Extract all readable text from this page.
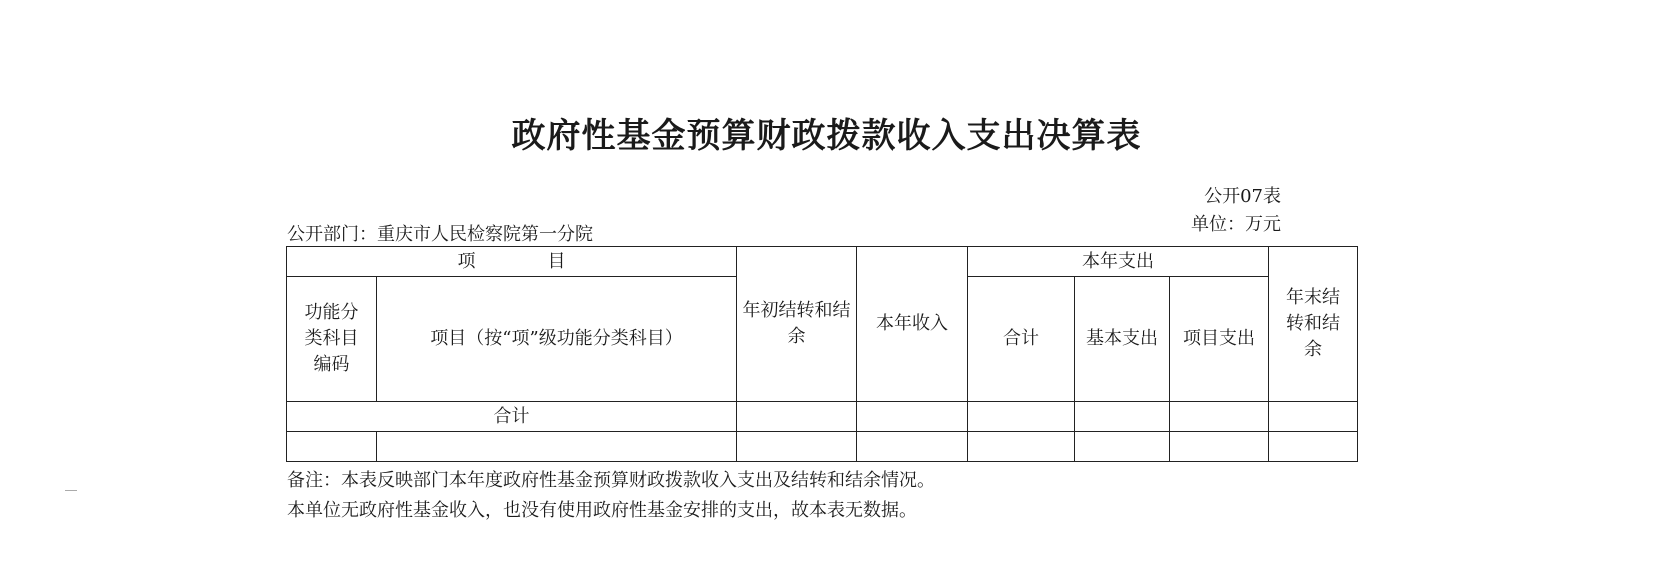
政府性基金预算财政拨款收入支出决算表
公开07表
单位：万元
公开部门：重庆市人民检察院第一分院
项　　　　目		年初结转和结余	本年收入	本年支出			年末结转和结余
功能分类科目编码	项目（按“项”级功能分类科目）			合计	基本支出	项目支出	
合计							

备注：本表反映部门本年度政府性基金预算财政拨款收入支出及结转和结余情况。
本单位无政府性基金收入，也没有使用政府性基金安排的支出，故本表无数据。
